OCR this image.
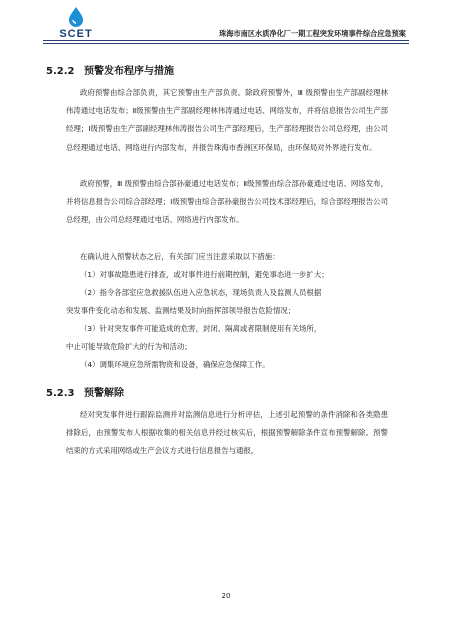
SCET	珠海市南区水质净化厂一期工程突发环境事件综合应急预案
5.2.2 预警发布程序与措施
政府预警由综合部负责，其它预警由生产部负责。除政府预警外，Ⅲ 级预警由生产部副经理林伟涛通过电话发布；Ⅱ级预警由生产部副经理林伟涛通过电话、网络发布，并将信息报告公司生产部经理；Ⅰ级预警由生产部副经理林伟涛报告公司生产部经理后，生产部经理报告公司总经理，由公司总经理通过电话、网络进行内部发布，并报告珠海市香洲区环保局，由环保局对外界进行发布。
政府预警，Ⅲ 级预警由综合部孙豪通过电话发布；Ⅱ级预警由综合部孙豪通过电话、网络发布，并将信息报告公司综合部经理；Ⅰ级预警由综合部孙豪报告公司技术部经理后，综合部经理报告公司总经理，由公司总经理通过电话、网络进行内部发布。
在确认进入预警状态之后，有关部门应当注意采取以下措施：
（1）对事故隐患进行排查，或对事件进行前期控制，避免事态进一步扩大；
（2）指令各部室应急救援队伍进入应急状态，现场负责人及监测人员根据
突发事件变化动态和发展、监测结果及时向指挥部领导报告危险情况；
（3）针对突发事件可能造成的危害，封闭、隔离或者限制使用有关场所，
中止可能导致危险扩大的行为和活动；
（4）调集环境应急所需物资和设备，确保应急保障工作。
5.2.3 预警解除
经对突发事件进行跟踪监测并对监测信息进行分析评估，上述引起预警的条件消除和各类隐患排除后，由预警发布人根据收集的相关信息并经过核实后，根据预警解除条件宣布预警解除。预警结束的方式采用网络或生产会议方式进行信息报告与通报。
20
